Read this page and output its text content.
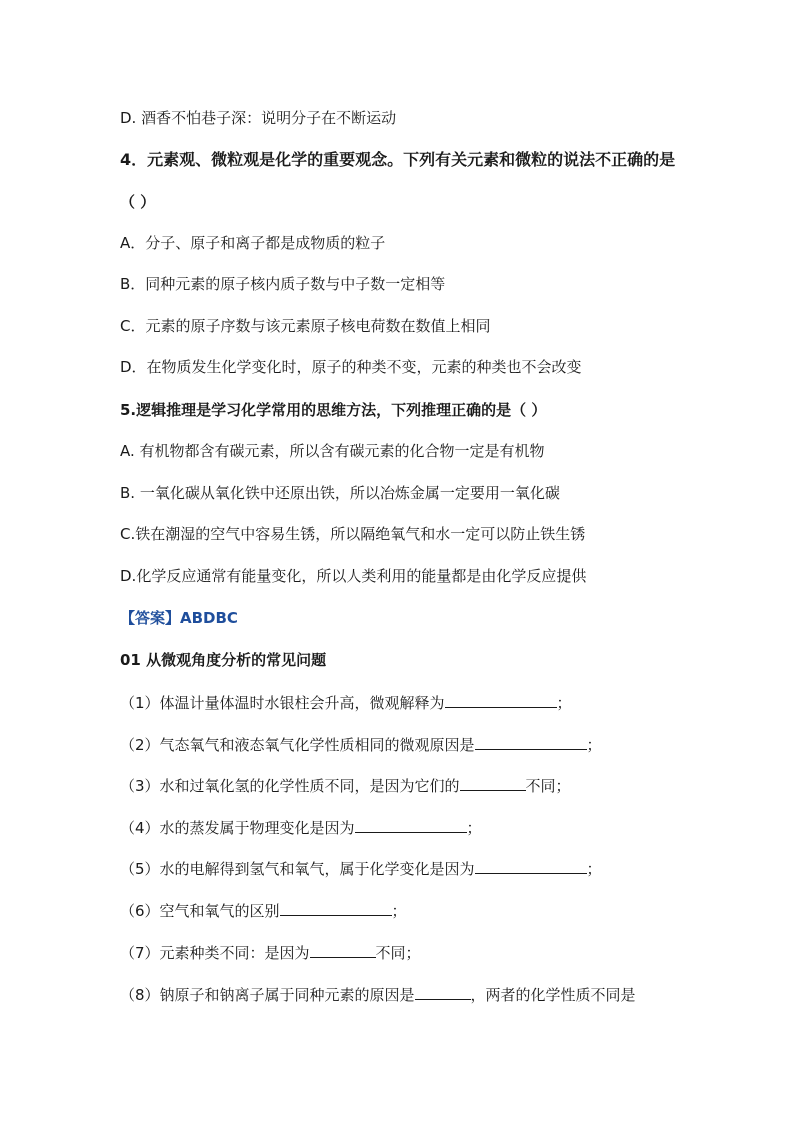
D. 酒香不怕巷子深：说明分子在不断运动
4．元素观、微粒观是化学的重要观念。下列有关元素和微粒的说法不正确的是
（ ）
A．分子、原子和离子都是成物质的粒子
B．同种元素的原子核内质子数与中子数一定相等
C．元素的原子序数与该元素原子核电荷数在数值上相同
D．在物质发生化学变化时，原子的种类不变，元素的种类也不会改变
5.逻辑推理是学习化学常用的思维方法，下列推理正确的是（ ）
A. 有机物都含有碳元素，所以含有碳元素的化合物一定是有机物
B. 一氧化碳从氧化铁中还原出铁，所以冶炼金属一定要用一氧化碳
C.铁在潮湿的空气中容易生锈，所以隔绝氧气和水一定可以防止铁生锈
D.化学反应通常有能量变化，所以人类利用的能量都是由化学反应提供
【答案】ABDBC
01 从微观角度分析的常见问题
（1）体温计量体温时水银柱会升高，微观解释为	；
（2）气态氧气和液态氧气化学性质相同的微观原因是	；
（3）水和过氧化氢的化学性质不同，是因为它们的	不同；
（4）水的蒸发属于物理变化是因为	；
（5）水的电解得到氢气和氧气，属于化学变化是因为	；
（6）空气和氧气的区别	；
（7）元素种类不同：是因为	不同；
（8）钠原子和钠离子属于同种元素的原因是	，两者的化学性质不同是
